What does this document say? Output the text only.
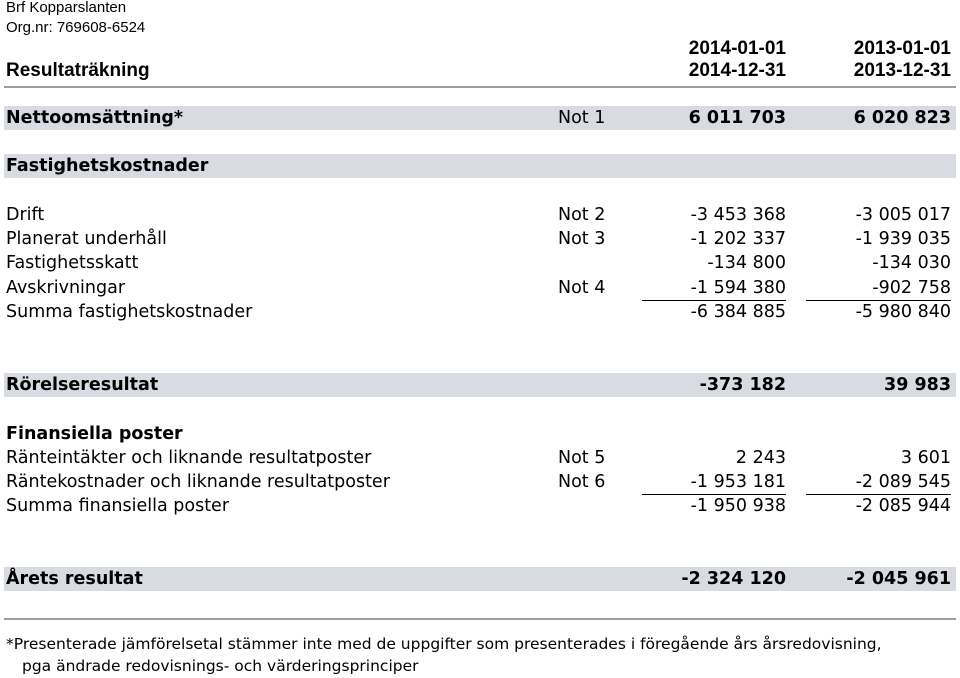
Brf Kopparslanten
Org.nr: 769608-6524
2014-01-01	2013-01-01
Resultaträkning	2014-12-31	2013-12-31
Nettoomsättning*	Not 1	6 011 703	6 020 823
Fastighetskostnader
Drift	Not 2	-3 453 368	-3 005 017
Planerat underhåll	Not 3	-1 202 337	-1 939 035
Fastighetsskatt	-134 800	-134 030
Avskrivningar	Not 4	-1 594 380	-902 758
Summa fastighetskostnader	-6 384 885	-5 980 840
Rörelseresultat	-373 182	39 983
Finansiella poster
Ränteintäkter och liknande resultatposter	Not 5	2 243	3 601
Räntekostnader och liknande resultatposter	Not 6	-1 953 181	-2 089 545
Summa finansiella poster	-1 950 938	-2 085 944
Årets resultat	-2 324 120	-2 045 961
*Presenterade jämförelsetal stämmer inte med de uppgifter som presenterades i föregående års årsredovisning,
pga ändrade redovisnings- och värderingsprinciper
